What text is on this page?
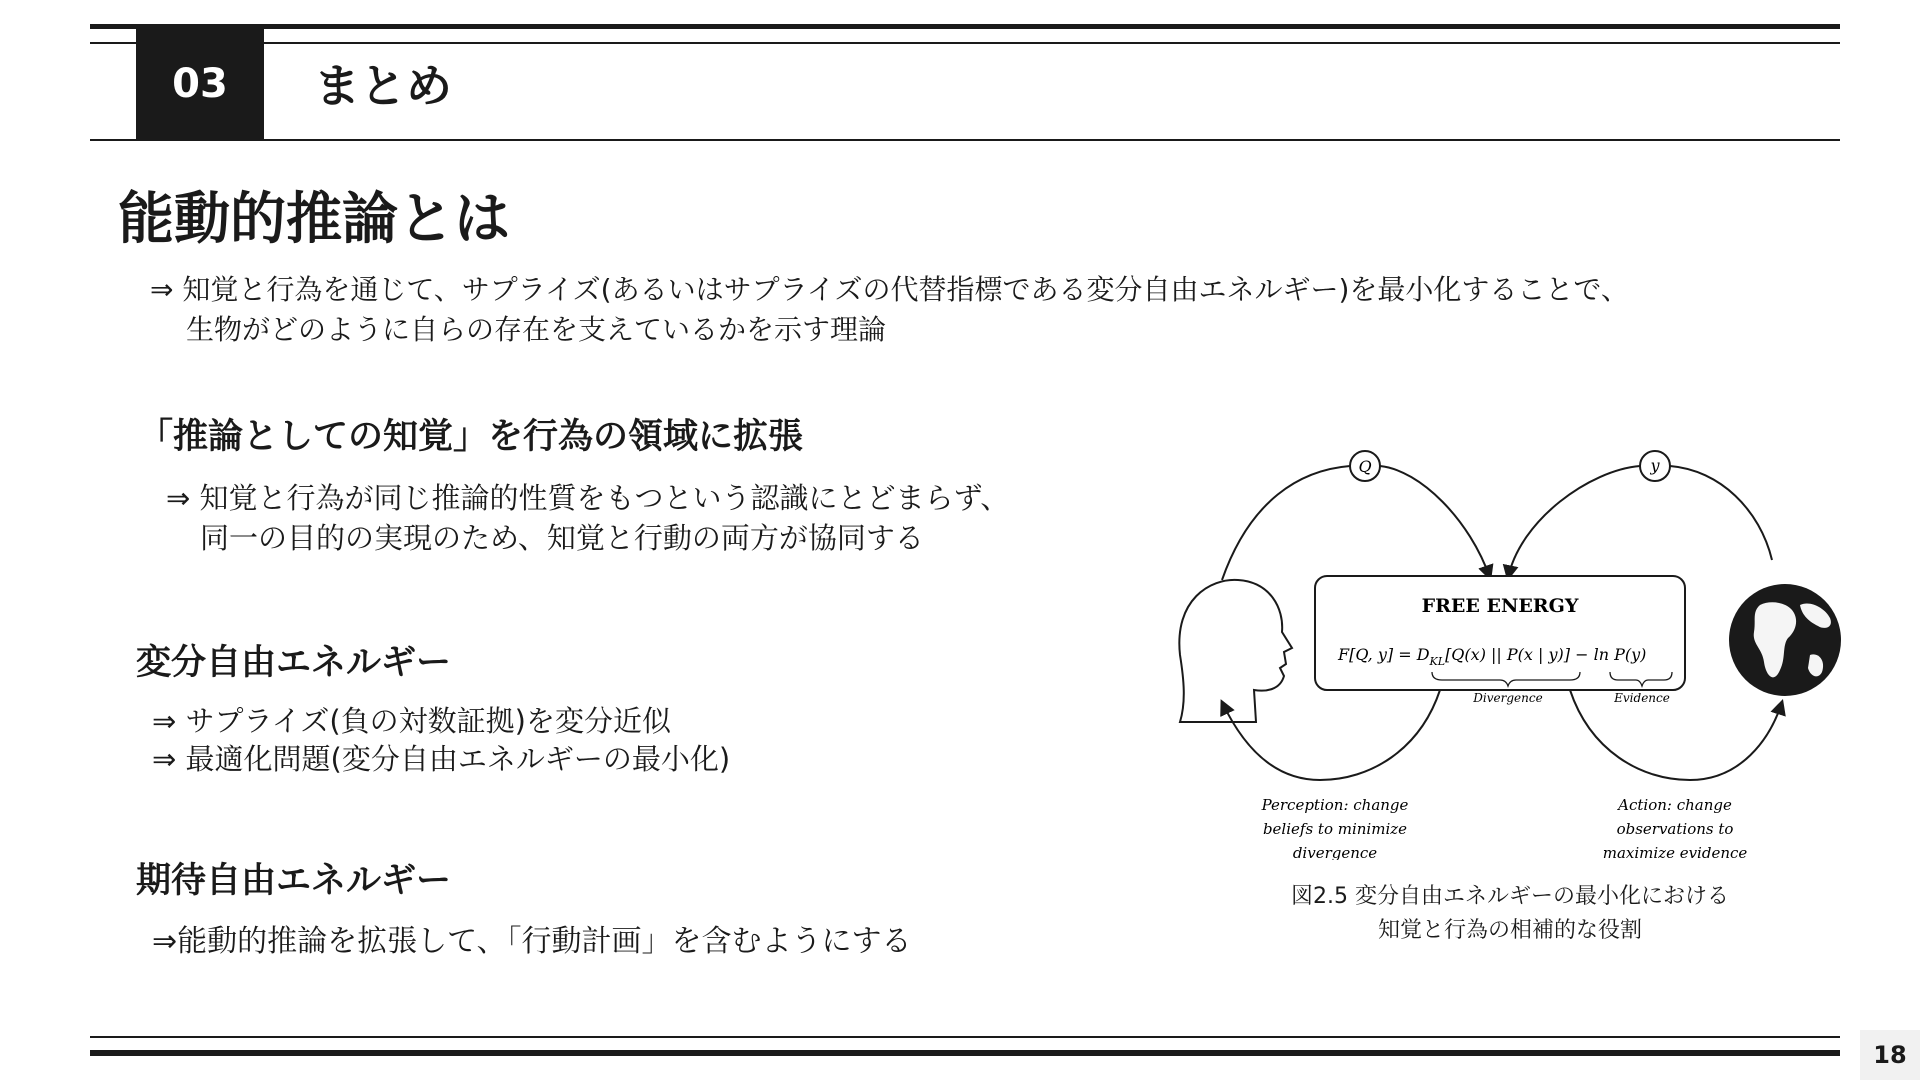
03	まとめ
能動的推論とは
⇒ 知覚と行為を通じて、サプライズ(あるいはサプライズの代替指標である変分自由エネルギー)を最小化することで、
生物がどのように自らの存在を支えているかを示す理論
「推論としての知覚」を行為の領域に拡張
⇒ 知覚と行為が同じ推論的性質をもつという認識にとどまらず、
同一の目的の実現のため、知覚と行動の両方が協同する
変分自由エネルギー
⇒ サプライズ(負の対数証拠)を変分近似
⇒ 最適化問題(変分自由エネルギーの最小化)
期待自由エネルギー
⇒能動的推論を拡張して、「行動計画」を含むようにする
Q	y
FREE ENERGY
F[Q, $y] = D_{KL}[Q(x)$ || P(x | y)] − ln P(y)
Divergence	Evidence
Perception: change
beliefs to minimize
divergence
Action: change
observations to
maximize evidence
図2.5 変分自由エネルギーの最小化における
知覚と行為の相補的な役割
18
